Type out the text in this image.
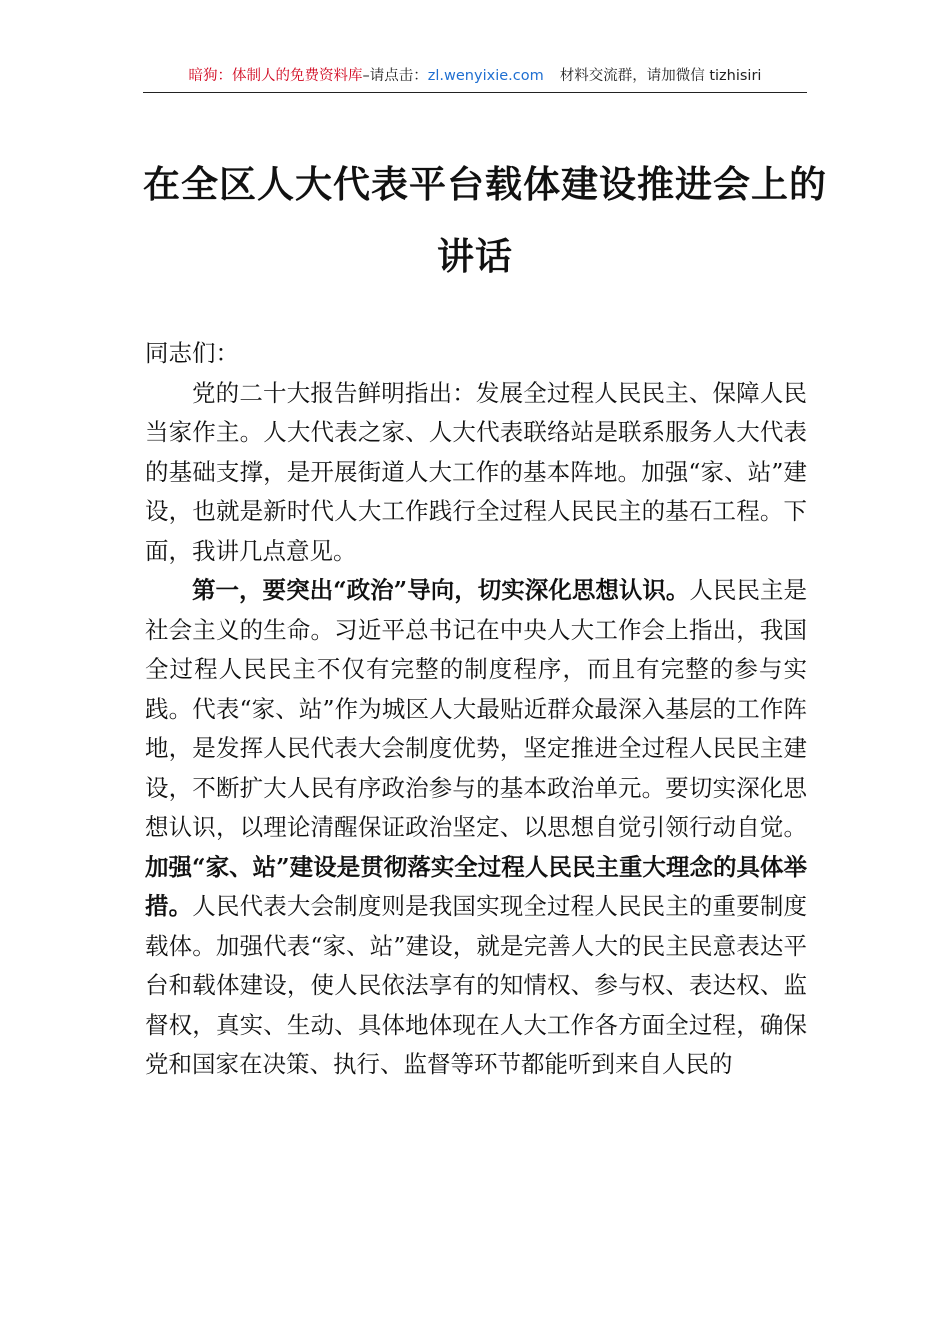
暗狗：体制人的免费资料库–请点击：zl.wenyixie.com 材料交流群，请加微信 tizhisiri
在全区人大代表平台载体建设推进会上的
讲话

同志们：

党的二十大报告鲜明指出：发展全过程人民民主、保障人民当家作主。人大代表之家、人大代表联络站是联系服务人大代表的基础支撑，是开展街道人大工作的基本阵地。加强“家、站”建设，也就是新时代人大工作践行全过程人民民主的基石工程。下面，我讲几点意见。

第一，要突出“政治”导向，切实深化思想认识。人民民主是社会主义的生命。习近平总书记在中央人大工作会上指出，我国全过程人民民主不仅有完整的制度程序，而且有完整的参与实践。代表“家、站”作为城区人大最贴近群众最深入基层的工作阵地，是发挥人民代表大会制度优势，坚定推进全过程人民民主建设，不断扩大人民有序政治参与的基本政治单元。要切实深化思想认识，以理论清醒保证政治坚定、以思想自觉引领行动自觉。加强“家、站”建设是贯彻落实全过程人民民主重大理念的具体举措。人民代表大会制度则是我国实现全过程人民民主的重要制度载体。加强代表“家、站”建设，就是完善人大的民主民意表达平台和载体建设，使人民依法享有的知情权、参与权、表达权、监督权，真实、生动、具体地体现在人大工作各方面全过程，确保党和国家在决策、执行、监督等环节都能听到来自人民的
